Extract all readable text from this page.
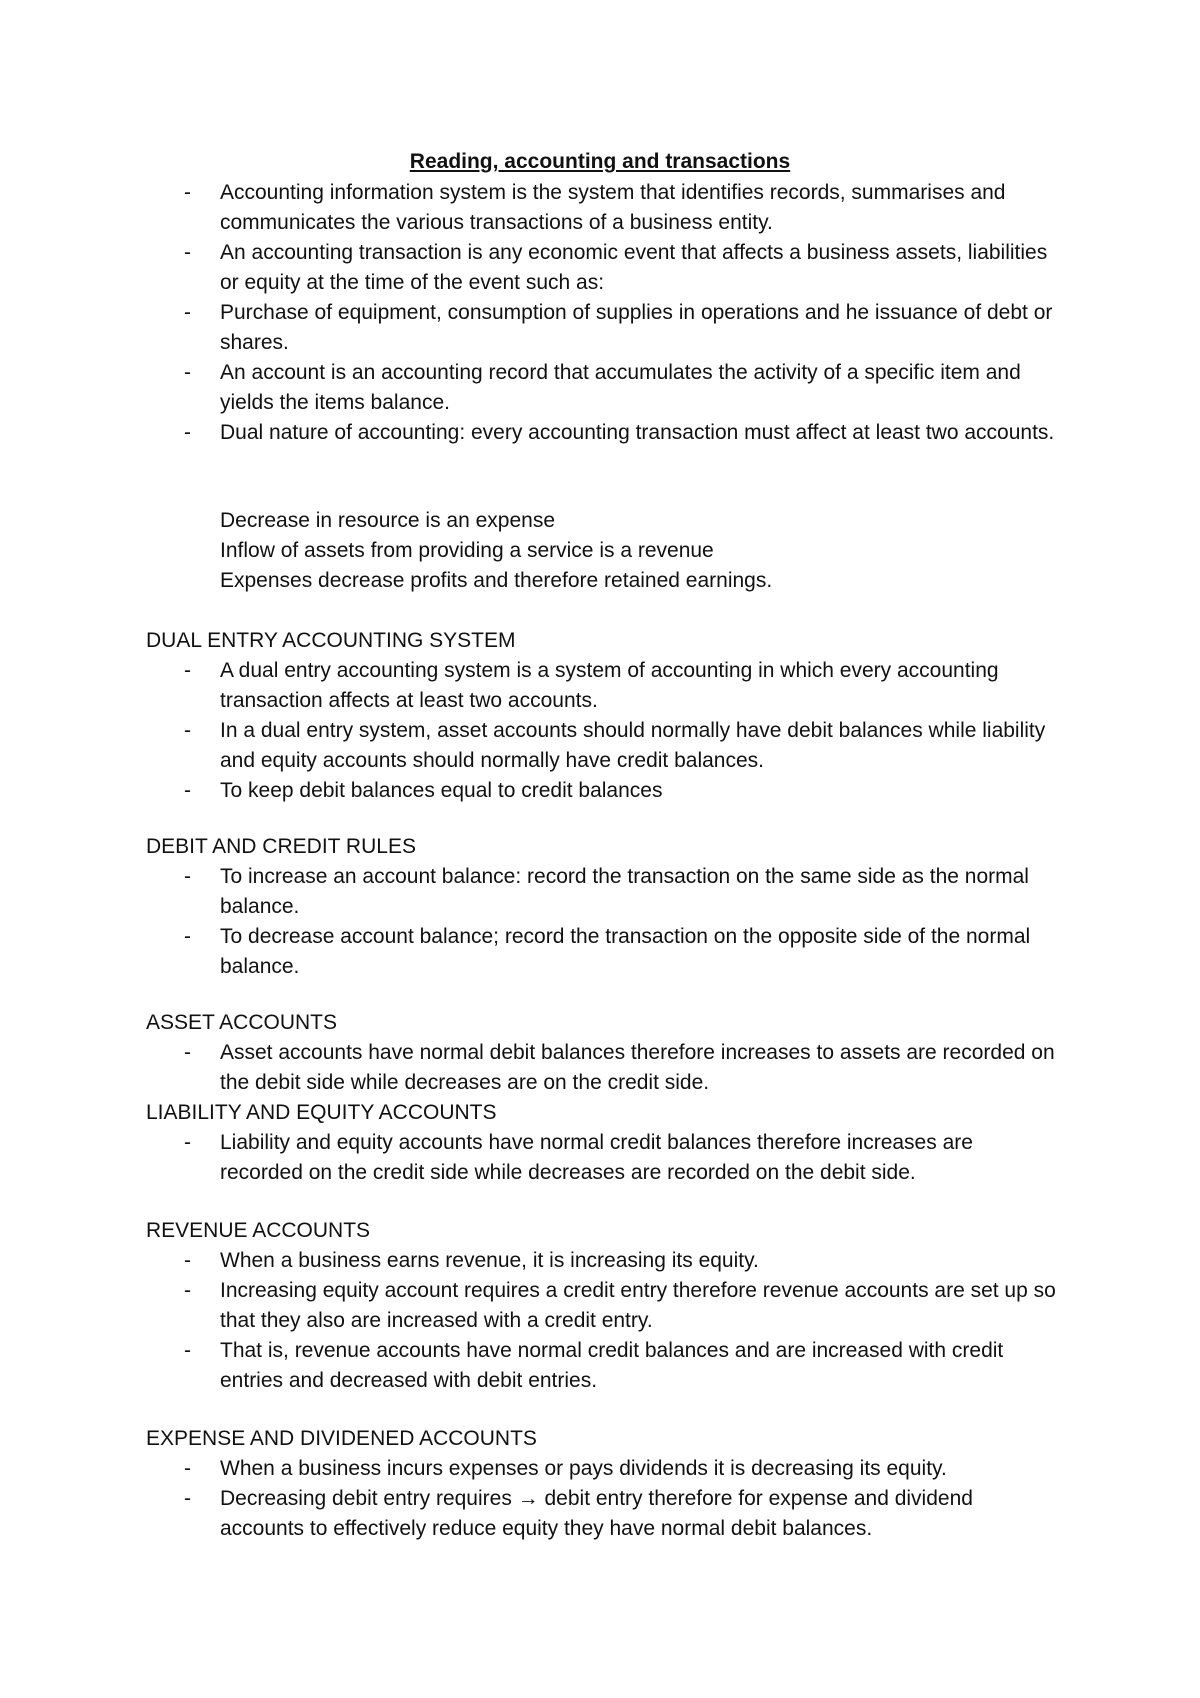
Reading, accounting and transactions
- Accounting information system is the system that identifies records, summarises and communicates the various transactions of a business entity.
- An accounting transaction is any economic event that affects a business assets, liabilities or equity at the time of the event such as:
- Purchase of equipment, consumption of supplies in operations and he issuance of debt or shares.
- An account is an accounting record that accumulates the activity of a specific item and yields the items balance.
- Dual nature of accounting: every accounting transaction must affect at least two accounts.
Decrease in resource is an expense
Inflow of assets from providing a service is a revenue
Expenses decrease profits and therefore retained earnings.
DUAL ENTRY ACCOUNTING SYSTEM
- A dual entry accounting system is a system of accounting in which every accounting transaction affects at least two accounts.
- In a dual entry system, asset accounts should normally have debit balances while liability and equity accounts should normally have credit balances.
- To keep debit balances equal to credit balances
DEBIT AND CREDIT RULES
- To increase an account balance: record the transaction on the same side as the normal balance.
- To decrease account balance; record the transaction on the opposite side of the normal balance.
ASSET ACCOUNTS
- Asset accounts have normal debit balances therefore increases to assets are recorded on the debit side while decreases are on the credit side.
LIABILITY AND EQUITY ACCOUNTS
- Liability and equity accounts have normal credit balances therefore increases are recorded on the credit side while decreases are recorded on the debit side.
REVENUE ACCOUNTS
- When a business earns revenue, it is increasing its equity.
- Increasing equity account requires a credit entry therefore revenue accounts are set up so that they also are increased with a credit entry.
- That is, revenue accounts have normal credit balances and are increased with credit entries and decreased with debit entries.
EXPENSE AND DIVIDENED ACCOUNTS
- When a business incurs expenses or pays dividends it is decreasing its equity.
- Decreasing debit entry requires → debit entry therefore for expense and dividend accounts to effectively reduce equity they have normal debit balances.
